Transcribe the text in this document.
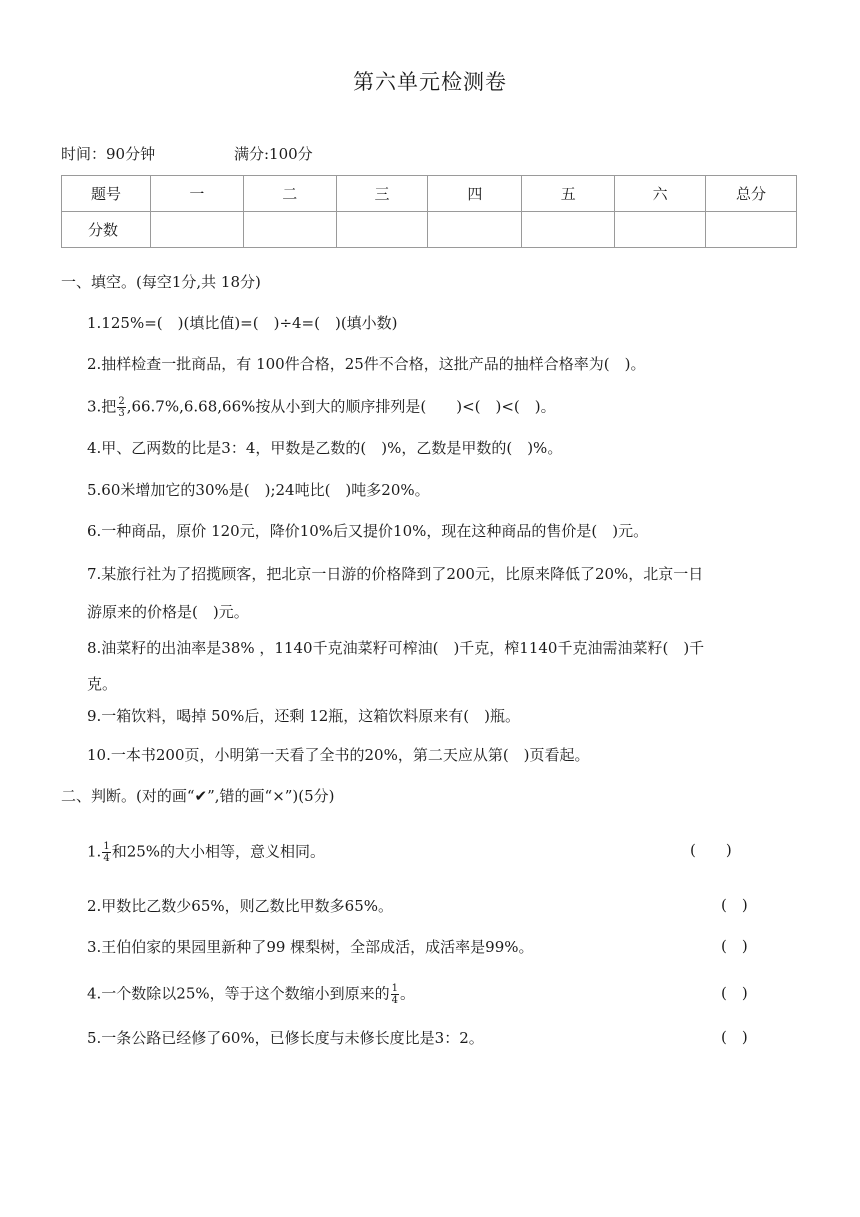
第六单元检测卷
时间：90分钟	满分:100分
题号	一	二	三	四	五	六	总分
分数							
一、填空。(每空1分,共 18分)
1.125%=(　)(填比值)=(　)÷4=(　)(填小数)
2.抽样检查一批商品，有 100件合格，25件不合格，这批产品的抽样合格率为(　)。
3.把 $\frac{2}{3} ,66.7\%,6.68,66\%$按从小到大的顺序排列是(　　)<(　)<(　)。
4.甲、乙两数的比是3：4，甲数是乙数的(　)%，乙数是甲数的(　)%。
5.60米增加它的30%是(　);24吨比(　)吨多20%。
6.一种商品，原价 120元，降价10%后又提价10%，现在这种商品的售价是(　)元。
7.某旅行社为了招揽顾客，把北京一日游的价格降到了200元，比原来降低了20%，北京一日
游原来的价格是(　)元。
8.油菜籽的出油率是38% ，1140千克油菜籽可榨油(　)千克，榨1140千克油需油菜籽(　)千
克。
9.一箱饮料，喝掉 50%后，还剩 12瓶，这箱饮料原来有(　)瓶。
10.一本书200页，小明第一天看了全书的20%，第二天应从第(　)页看起。
二、判断。(对的画“✔”,错的画“×”)(5分)
1. $\frac{1}{4}$ 和25%的大小相等，意义相同。	(　　)
2.甲数比乙数少65%，则乙数比甲数多65%。	(　)
3.王伯伯家的果园里新种了99 棵梨树，全部成活，成活率是99%。	(　)
4.一个数除以25%，等于这个数缩小到原来的 $\frac{1}{4}$ 。	(　)
5.一条公路已经修了60%，已修长度与未修长度比是3：2。	(　)
